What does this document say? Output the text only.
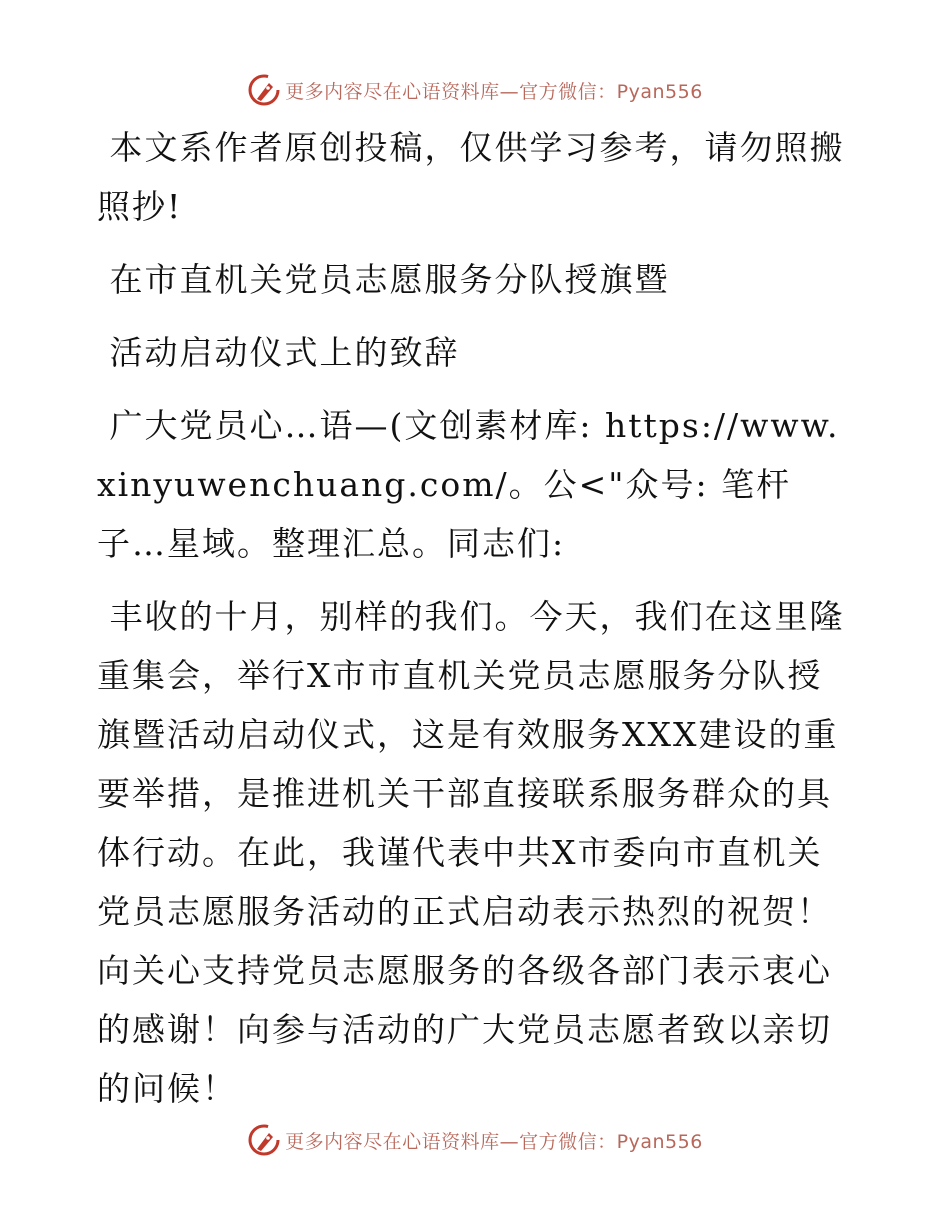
更多内容尽在心语资料库—官方微信：Pyan556

本文系作者原创投稿，仅供学习参考，请勿照搬照抄!

在市直机关党员志愿服务分队授旗暨

活动启动仪式上的致辞

广大党员心…语—(文创素材库: https://www.xinyuwenchuang.com/。公<"众号: 笔杆子…星域。整理汇总。同志们:

丰收的十月，别样的我们。今天，我们在这里隆重集会，举行X市市直机关党员志愿服务分队授旗暨活动启动仪式，这是有效服务XXX建设的重要举措，是推进机关干部直接联系服务群众的具体行动。在此，我谨代表中共X市委向市直机关党员志愿服务活动的正式启动表示热烈的祝贺！向关心支持党员志愿服务的各级各部门表示衷心的感谢！向参与活动的广大党员志愿者致以亲切的问候！

更多内容尽在心语资料库—官方微信：Pyan556
